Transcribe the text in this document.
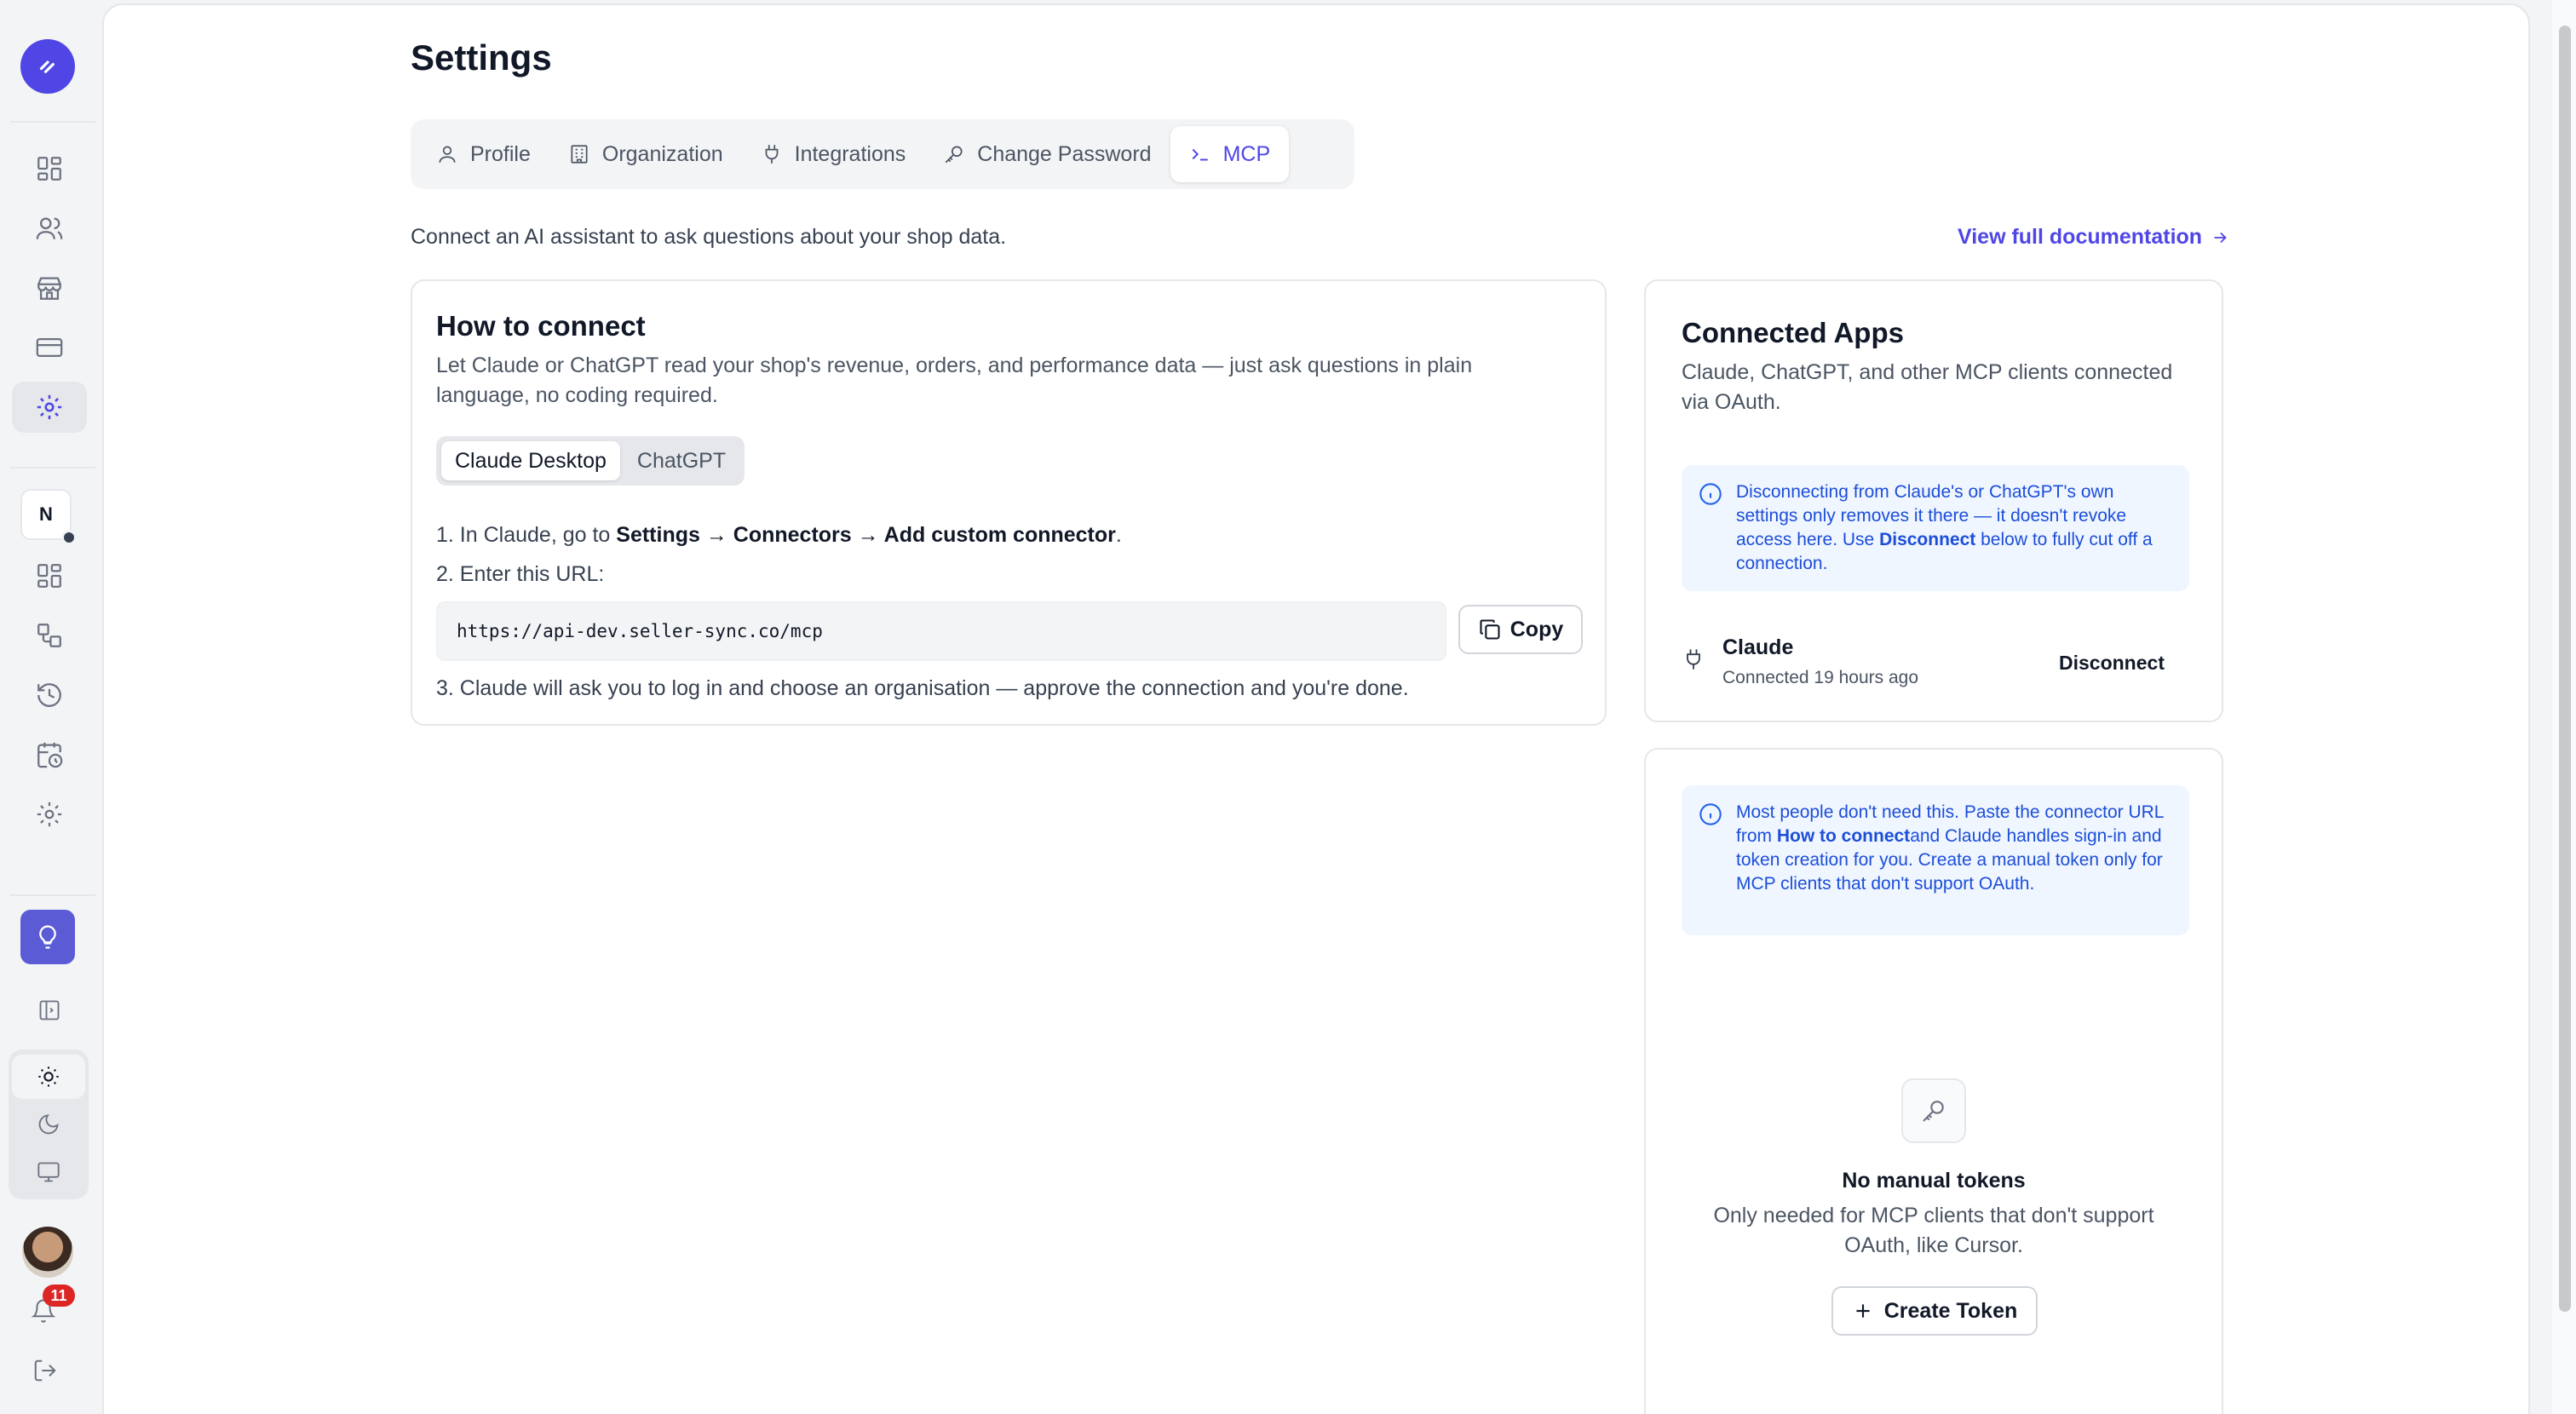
N
11
Settings
Profile	Organization	Integrations	Change Password	MCP

Connect an AI assistant to ask questions about your shop data.	View full documentation
How to connect

Let Claude or ChatGPT read your shop's revenue, orders, and performance data — just ask questions in plain language, no coding required.

Claude Desktop	ChatGPT

1. In Claude, go to Settings → Connectors → Add custom connector.

2. Enter this URL:

https://api-dev.seller-sync.co/mcp	Copy

3. Claude will ask you to log in and choose an organisation — approve the connection and you're done.

Connected Apps

Claude, ChatGPT, and other MCP clients connected via OAuth.

Disconnecting from Claude's or ChatGPT's own settings only removes it there — it doesn't revoke access here. Use Disconnect below to fully cut off a connection.
Claude
Connected 19 hours ago
Disconnect
Most people don't need this. Paste the connector URL from How to connectand Claude handles sign-in and token creation for you. Create a manual token only for MCP clients that don't support OAuth.
No manual tokens
Only needed for MCP clients that don't support OAuth, like Cursor.
Create Token
